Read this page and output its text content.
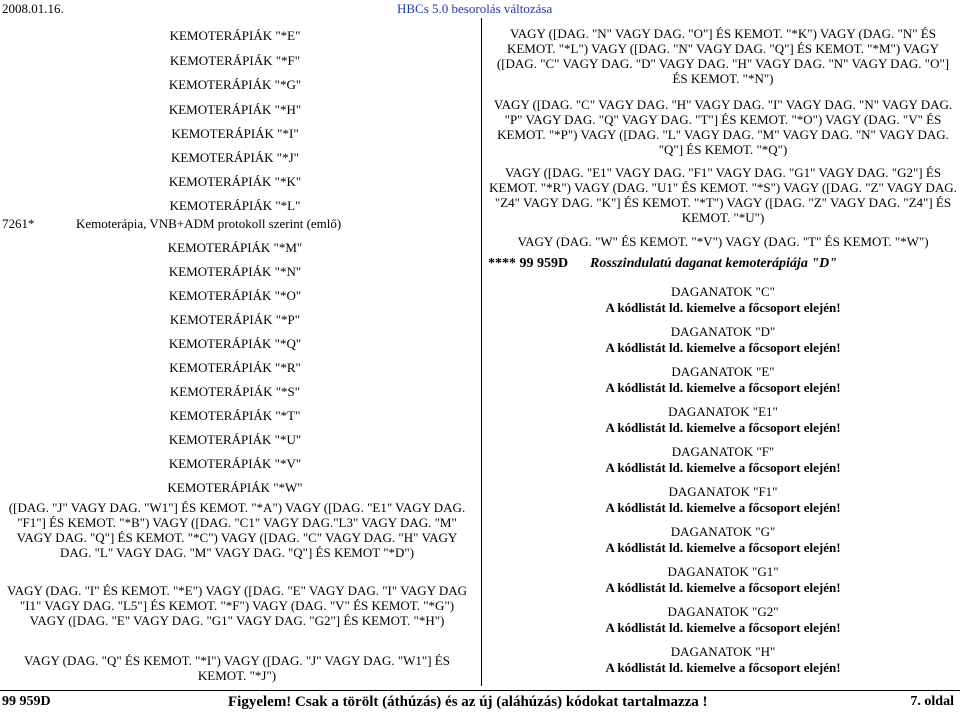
2008.01.16.	HBCs 5.0 besorolás változása
KEMOTERÁPIÁK "*E"
KEMOTERÁPIÁK "*F"
KEMOTERÁPIÁK "*G"
KEMOTERÁPIÁK "*H"
KEMOTERÁPIÁK "*I"
KEMOTERÁPIÁK "*J"
KEMOTERÁPIÁK "*K"
KEMOTERÁPIÁK "*L"
7261*	Kemoterápia, VNB+ADM protokoll szerint (emlő)
KEMOTERÁPIÁK "*M"
KEMOTERÁPIÁK "*N"
KEMOTERÁPIÁK "*O"
KEMOTERÁPIÁK "*P"
KEMOTERÁPIÁK "*Q"
KEMOTERÁPIÁK "*R"
KEMOTERÁPIÁK "*S"
KEMOTERÁPIÁK "*T"
KEMOTERÁPIÁK "*U"
KEMOTERÁPIÁK "*V"
KEMOTERÁPIÁK "*W"
([DAG. "J" VAGY DAG. "W1"] ÉS KEMOT. "*A") VAGY ([DAG. "E1" VAGY DAG. "F1"] ÉS KEMOT. "*B") VAGY ([DAG. "C1" VAGY DAG."L3" VAGY DAG. "M" VAGY DAG. "Q"] ÉS KEMOT. "*C") VAGY ([DAG. "C" VAGY DAG. "H" VAGY DAG. "L" VAGY DAG. "M" VAGY DAG. "Q"] ÉS KEMOT "*D")
VAGY (DAG. "I" ÉS KEMOT. "*E") VAGY ([DAG. "E" VAGY DAG. "I" VAGY DAG "I1" VAGY DAG. "L5"] ÉS KEMOT. "*F") VAGY (DAG. "V" ÉS KEMOT. "*G") VAGY ([DAG. "E" VAGY DAG. "G1" VAGY DAG. "G2"] ÉS KEMOT. "*H")
VAGY (DAG. "Q" ÉS KEMOT. "*I") VAGY ([DAG. "J" VAGY DAG. "W1"] ÉS KEMOT. "*J")
VAGY ([DAG. "N" VAGY DAG. "O"] ÉS KEMOT. "*K") VAGY (DAG. "N" ÉS KEMOT. "*L") VAGY ([DAG. "N" VAGY DAG. "Q"] ÉS KEMOT. "*M") VAGY ([DAG. "C" VAGY DAG. "D" VAGY DAG. "H" VAGY DAG. "N" VAGY DAG. "O"] ÉS KEMOT. "*N")
VAGY ([DAG. "C" VAGY DAG. "H" VAGY DAG. "I" VAGY DAG. "N" VAGY DAG. "P" VAGY DAG. "Q" VAGY DAG. "T"] ÉS KEMOT. "*O") VAGY (DAG. "V" ÉS KEMOT. "*P") VAGY ([DAG. "L" VAGY DAG. "M" VAGY DAG. "N" VAGY DAG. "Q"] ÉS KEMOT. "*Q")
VAGY ([DAG. "E1" VAGY DAG. "F1" VAGY DAG. "G1" VAGY DAG. "G2"] ÉS KEMOT. "*R") VAGY (DAG. "U1" ÉS KEMOT. "*S") VAGY ([DAG. "Z" VAGY DAG. "Z4" VAGY DAG. "K"] ÉS KEMOT. "*T") VAGY ([DAG. "Z" VAGY DAG. "Z4"] ÉS KEMOT. "*U")
VAGY (DAG. "W" ÉS KEMOT. "*V") VAGY (DAG. "T" ÉS KEMOT. "*W")
**** 99 959D Rosszindulatú daganat kemoterápiája "D"
DAGANATOK "C"
A kódlistát ld. kiemelve a főcsoport elején!
DAGANATOK "D"
A kódlistát ld. kiemelve a főcsoport elején!
DAGANATOK "E"
A kódlistát ld. kiemelve a főcsoport elején!
DAGANATOK "E1"
A kódlistát ld. kiemelve a főcsoport elején!
DAGANATOK "F"
A kódlistát ld. kiemelve a főcsoport elején!
DAGANATOK "F1"
A kódlistát ld. kiemelve a főcsoport elején!
DAGANATOK "G"
A kódlistát ld. kiemelve a főcsoport elején!
DAGANATOK "G1"
A kódlistát ld. kiemelve a főcsoport elején!
DAGANATOK "G2"
A kódlistát ld. kiemelve a főcsoport elején!
DAGANATOK "H"
A kódlistát ld. kiemelve a főcsoport elején!
99 959D	Figyelem! Csak a törölt (áthúzás) és az új (aláhúzás) kódokat tartalmazza !	7. oldal
